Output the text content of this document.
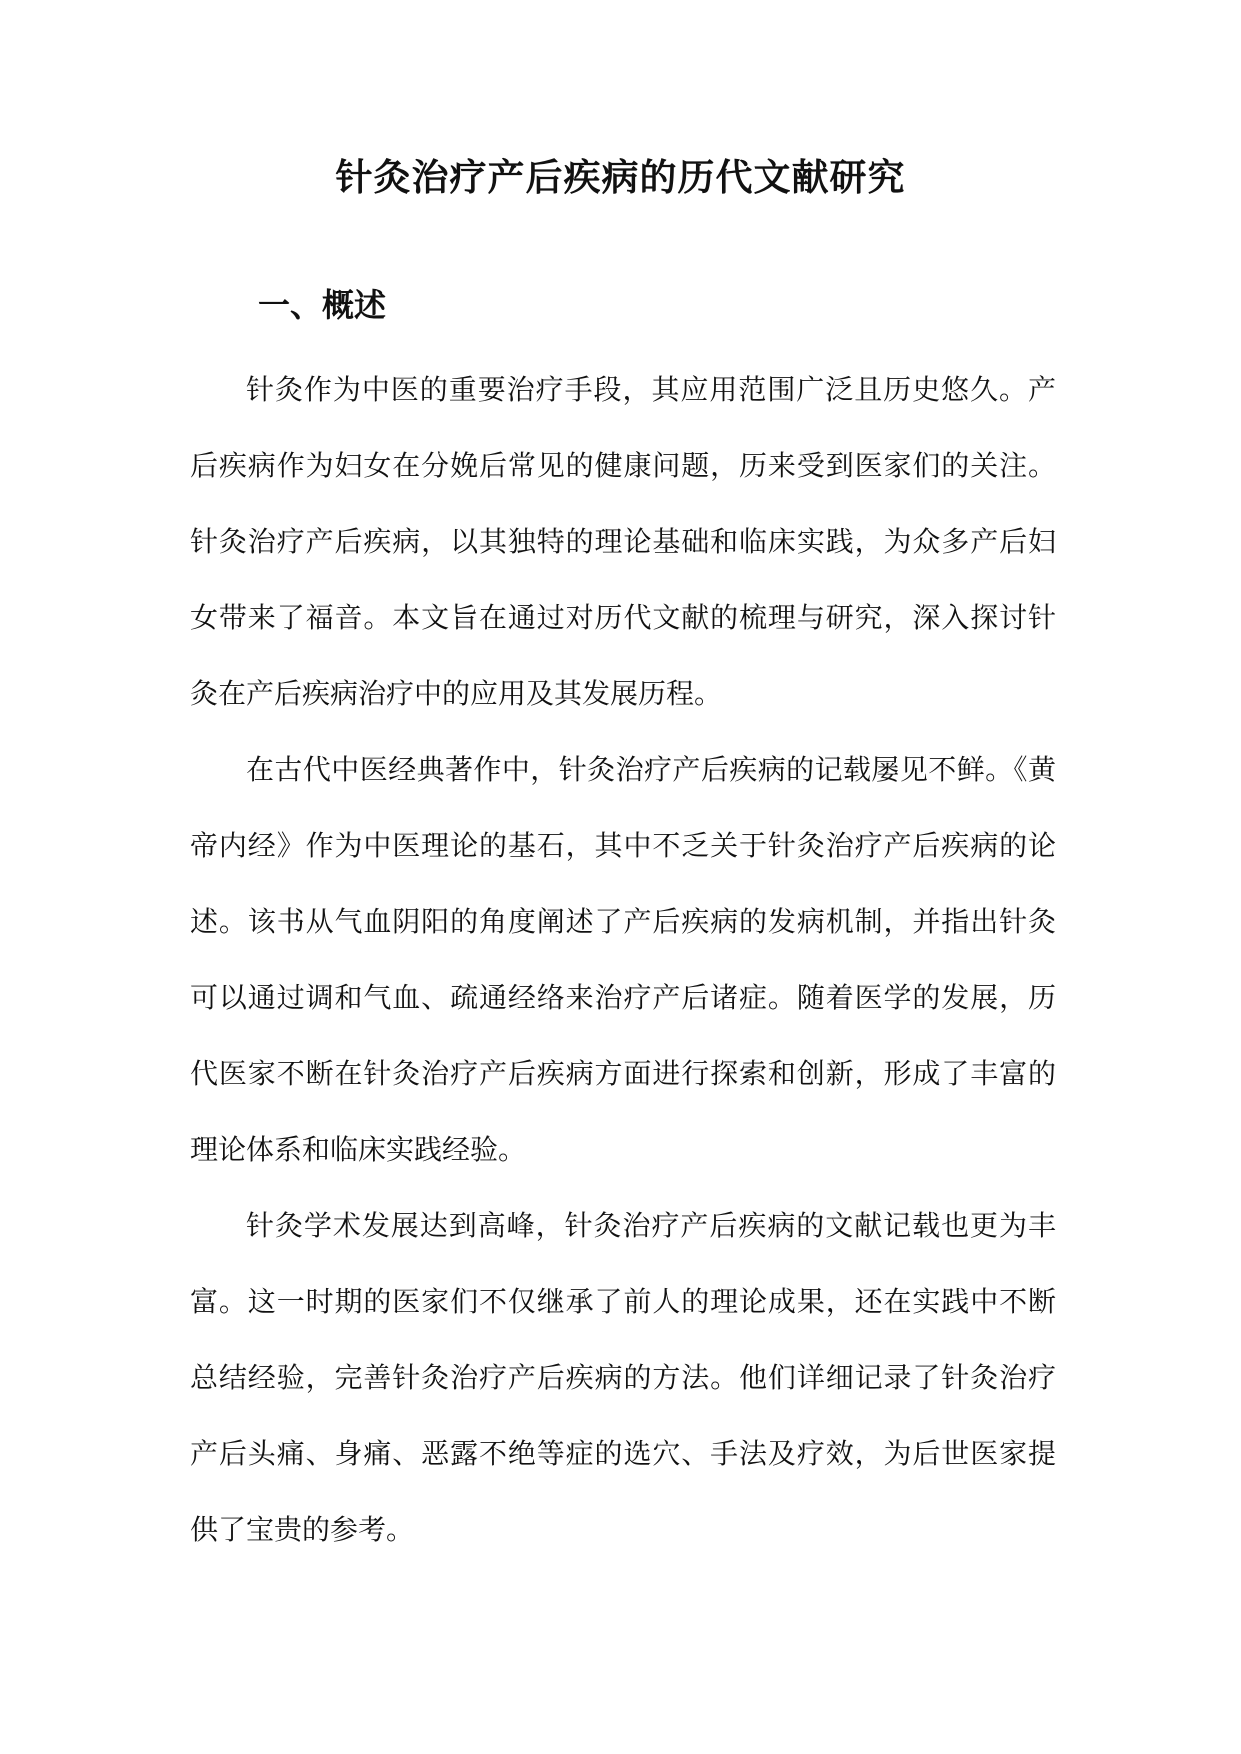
针灸治疗产后疾病的历代文献研究
一、概述

针灸作为中医的重要治疗手段，其应用范围广泛且历史悠久。产后疾病作为妇女在分娩后常见的健康问题，历来受到医家们的关注。针灸治疗产后疾病，以其独特的理论基础和临床实践，为众多产后妇女带来了福音。本文旨在通过对历代文献的梳理与研究，深入探讨针灸在产后疾病治疗中的应用及其发展历程。

在古代中医经典著作中，针灸治疗产后疾病的记载屡见不鲜。《黄帝内经》作为中医理论的基石，其中不乏关于针灸治疗产后疾病的论述。该书从气血阴阳的角度阐述了产后疾病的发病机制，并指出针灸可以通过调和气血、疏通经络来治疗产后诸症。随着医学的发展，历代医家不断在针灸治疗产后疾病方面进行探索和创新，形成了丰富的理论体系和临床实践经验。

针灸学术发展达到高峰，针灸治疗产后疾病的文献记载也更为丰富。这一时期的医家们不仅继承了前人的理论成果，还在实践中不断总结经验，完善针灸治疗产后疾病的方法。他们详细记录了针灸治疗产后头痛、身痛、恶露不绝等症的选穴、手法及疗效，为后世医家提供了宝贵的参考。
